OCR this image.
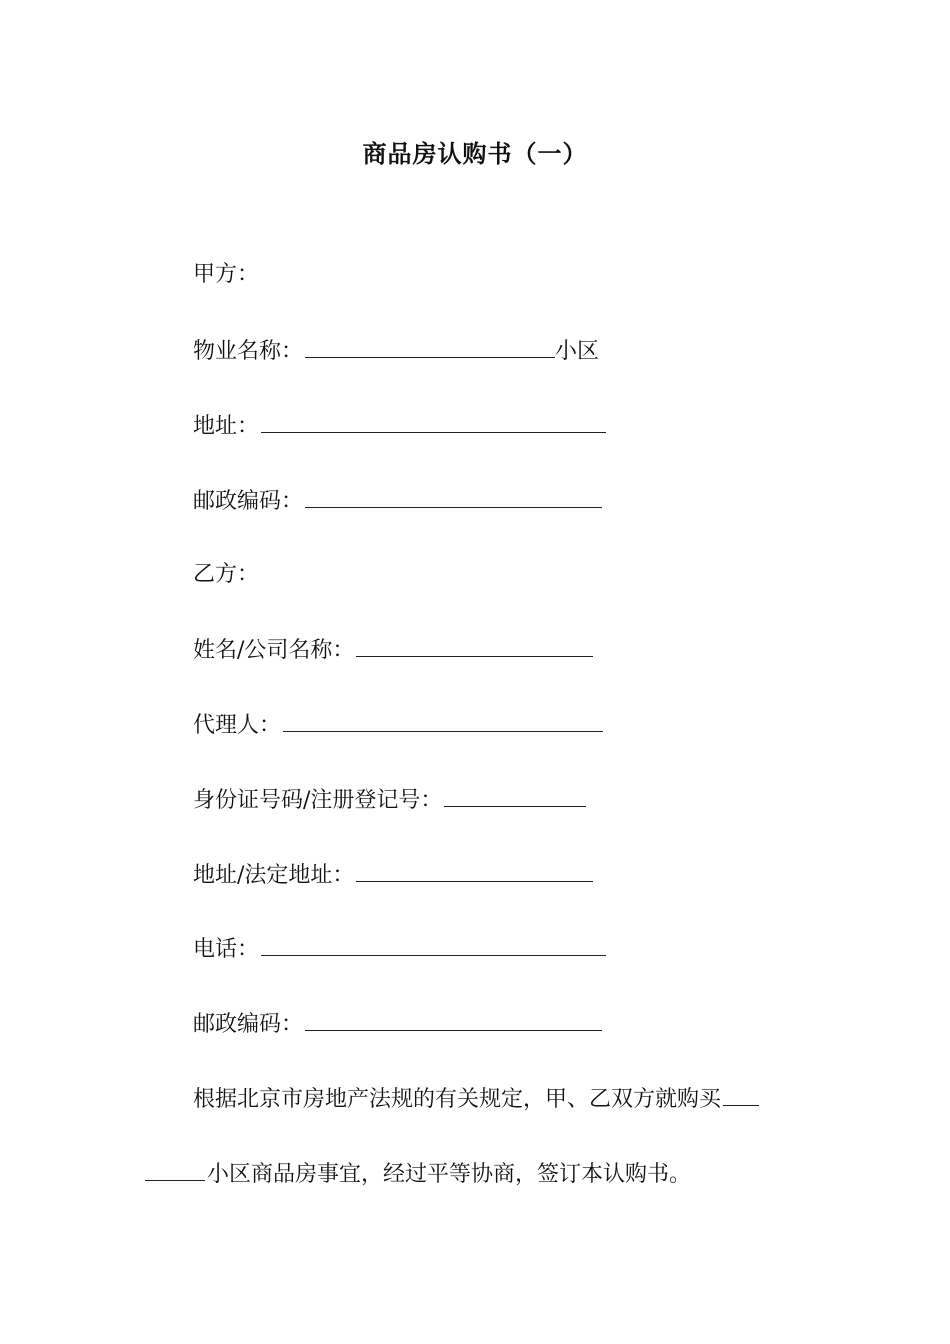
商品房认购书（一）
甲方：
物业名称：	小区
地址：
邮政编码：
乙方：
姓名/公司名称：
代理人：
身份证号码/注册登记号：
地址/法定地址：
电话：
邮政编码：
根据北京市房地产法规的有关规定，甲、乙双方就购买
小区商品房事宜，经过平等协商，签订本认购书。
